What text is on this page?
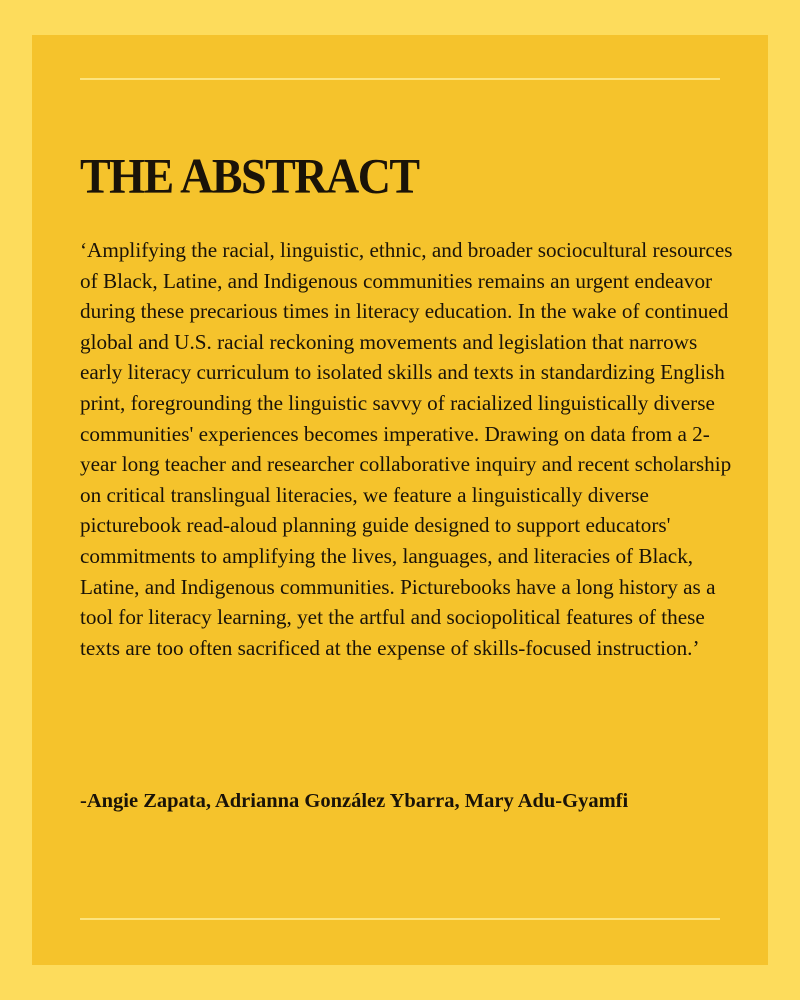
THE ABSTRACT

‘Amplifying the racial, linguistic, ethnic, and broader sociocultural resources of Black, Latine, and Indigenous communities remains an urgent endeavor during these precarious times in literacy education. In the wake of continued global and U.S. racial reckoning movements and legislation that narrows early literacy curriculum to isolated skills and texts in standardizing English print, foregrounding the linguistic savvy of racialized linguistically diverse communities' experiences becomes imperative. Drawing on data from a 2-year long teacher and researcher collaborative inquiry and recent scholarship on critical translingual literacies, we feature a linguistically diverse picturebook read-aloud planning guide designed to support educators' commitments to amplifying the lives, languages, and literacies of Black, Latine, and Indigenous communities. Picturebooks have a long history as a tool for literacy learning, yet the artful and sociopolitical features of these texts are too often sacrificed at the expense of skills-focused instruction.’

-Angie Zapata, Adrianna González Ybarra, Mary Adu-Gyamfi
